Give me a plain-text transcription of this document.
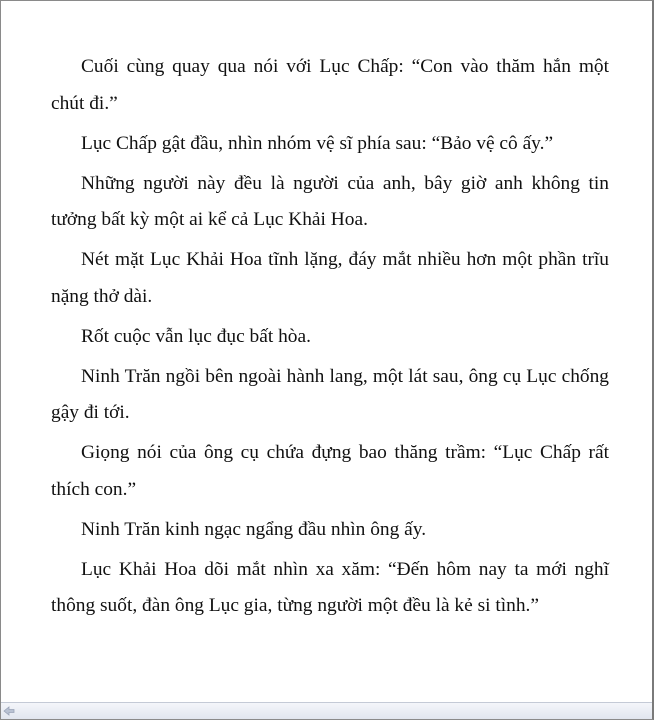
Cuối cùng quay qua nói với Lục Chấp: “Con vào thăm hắn một chút đi.”

Lục Chấp gật đầu, nhìn nhóm vệ sĩ phía sau: “Bảo vệ cô ấy.”

Những người này đều là người của anh, bây giờ anh không tin tưởng bất kỳ một ai kể cả Lục Khải Hoa.

Nét mặt Lục Khải Hoa tĩnh lặng, đáy mắt nhiều hơn một phần trĩu nặng thở dài.

Rốt cuộc vẫn lục đục bất hòa.

Ninh Trăn ngồi bên ngoài hành lang, một lát sau, ông cụ Lục chống gậy đi tới.

Giọng nói của ông cụ chứa đựng bao thăng trầm: “Lục Chấp rất thích con.”

Ninh Trăn kinh ngạc ngẩng đầu nhìn ông ấy.

Lục Khải Hoa dõi mắt nhìn xa xăm: “Đến hôm nay ta mới nghĩ thông suốt, đàn ông Lục gia, từng người một đều là kẻ si tình.”
